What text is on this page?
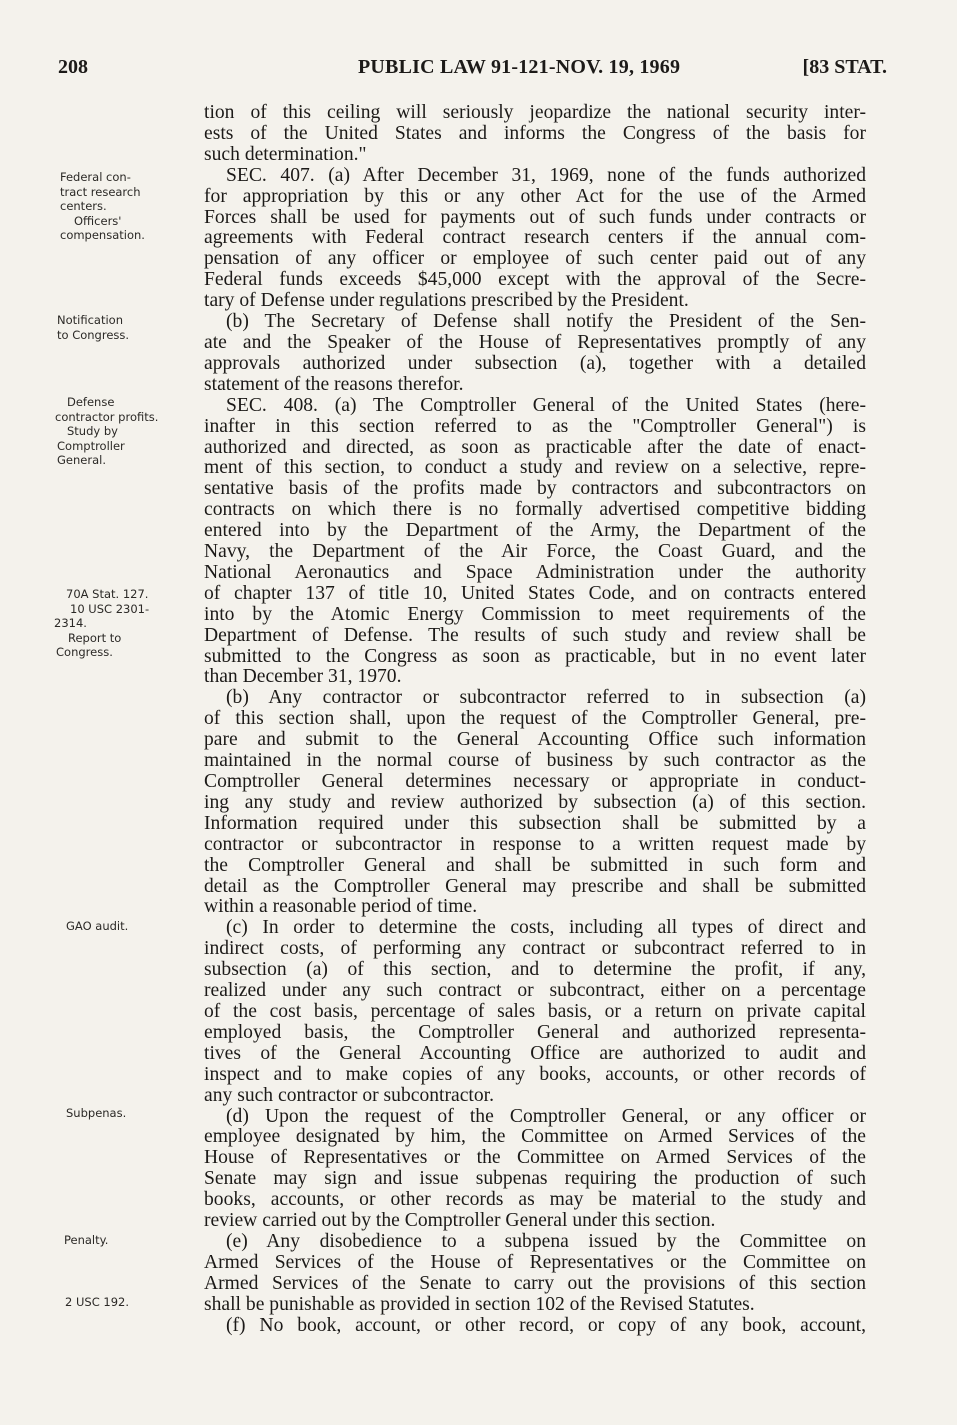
208	PUBLIC LAW 91-121-NOV. 19, 1969	[83 STAT.
Federal con-
tract research
centers.
Officers'
compensation.
Notification
to Congress.
Defense
contractor profits.
Study by
Comptroller
General.
70A Stat. 127.
10 USC 2301-
2314.
Report to
Congress.
GAO audit.
Subpenas.
Penalty.
2 USC 192.
tion of this ceiling will seriously jeopardize the national security inter-
ests of the United States and informs the Congress of the basis for
such determination."
SEC. 407. (a) After December 31, 1969, none of the funds authorized
for appropriation by this or any other Act for the use of the Armed
Forces shall be used for payments out of such funds under contracts or
agreements with Federal contract research centers if the annual com-
pensation of any officer or employee of such center paid out of any
Federal funds exceeds $45,000 except with the approval of the Secre-
tary of Defense under regulations prescribed by the President.
(b) The Secretary of Defense shall notify the President of the Sen-
ate and the Speaker of the House of Representatives promptly of any
approvals authorized under subsection (a), together with a detailed
statement of the reasons therefor.
SEC. 408. (a) The Comptroller General of the United States (here-
inafter in this section referred to as the "Comptroller General") is
authorized and directed, as soon as practicable after the date of enact-
ment of this section, to conduct a study and review on a selective, repre-
sentative basis of the profits made by contractors and subcontractors on
contracts on which there is no formally advertised competitive bidding
entered into by the Department of the Army, the Department of the
Navy, the Department of the Air Force, the Coast Guard, and the
National Aeronautics and Space Administration under the authority
of chapter 137 of title 10, United States Code, and on contracts entered
into by the Atomic Energy Commission to meet requirements of the
Department of Defense. The results of such study and review shall be
submitted to the Congress as soon as practicable, but in no event later
than December 31, 1970.
(b) Any contractor or subcontractor referred to in subsection (a)
of this section shall, upon the request of the Comptroller General, pre-
pare and submit to the General Accounting Office such information
maintained in the normal course of business by such contractor as the
Comptroller General determines necessary or appropriate in conduct-
ing any study and review authorized by subsection (a) of this section.
Information required under this subsection shall be submitted by a
contractor or subcontractor in response to a written request made by
the Comptroller General and shall be submitted in such form and
detail as the Comptroller General may prescribe and shall be submitted
within a reasonable period of time.
(c) In order to determine the costs, including all types of direct and
indirect costs, of performing any contract or subcontract referred to in
subsection (a) of this section, and to determine the profit, if any,
realized under any such contract or subcontract, either on a percentage
of the cost basis, percentage of sales basis, or a return on private capital
employed basis, the Comptroller General and authorized representa-
tives of the General Accounting Office are authorized to audit and
inspect and to make copies of any books, accounts, or other records of
any such contractor or subcontractor.
(d) Upon the request of the Comptroller General, or any officer or
employee designated by him, the Committee on Armed Services of the
House of Representatives or the Committee on Armed Services of the
Senate may sign and issue subpenas requiring the production of such
books, accounts, or other records as may be material to the study and
review carried out by the Comptroller General under this section.
(e) Any disobedience to a subpena issued by the Committee on
Armed Services of the House of Representatives or the Committee on
Armed Services of the Senate to carry out the provisions of this section
shall be punishable as provided in section 102 of the Revised Statutes.
(f) No book, account, or other record, or copy of any book, account,
